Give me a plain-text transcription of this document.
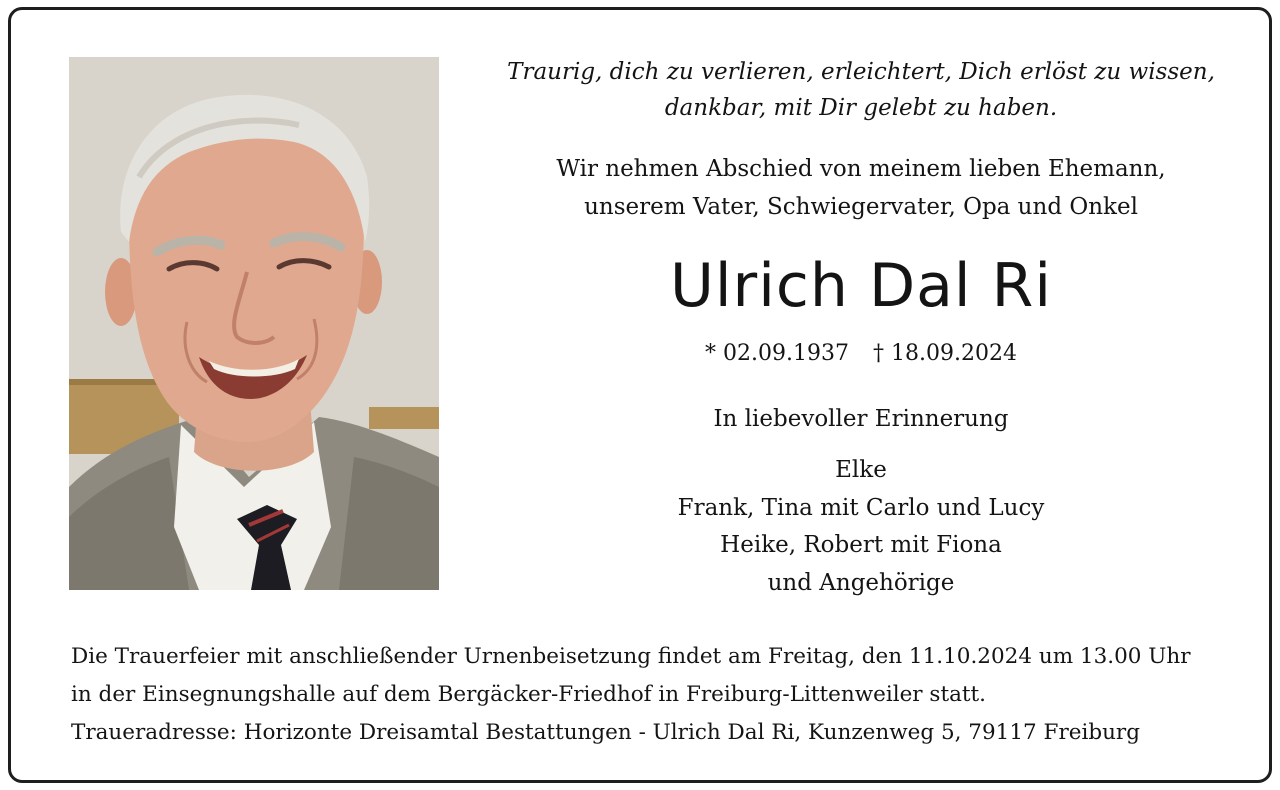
Traurig, dich zu verlieren, erleichtert, Dich erlöst zu wissen,
dankbar, mit Dir gelebt zu haben.

Wir nehmen Abschied von meinem lieben Ehemann,
unserem Vater, Schwiegervater, Opa und Onkel

Ulrich Dal Ri
* 02.09.1937 † 18.09.2024

In liebevoller Erinnerung

Elke
Frank, Tina mit Carlo und Lucy
Heike, Robert mit Fiona
und Angehörige

Die Trauerfeier mit anschließender Urnenbeisetzung findet am Freitag, den 11.10.2024 um 13.00 Uhr
in der Einsegnungshalle auf dem Bergäcker-Friedhof in Freiburg-Littenweiler statt.
Traueradresse: Horizonte Dreisamtal Bestattungen - Ulrich Dal Ri, Kunzenweg 5, 79117 Freiburg
